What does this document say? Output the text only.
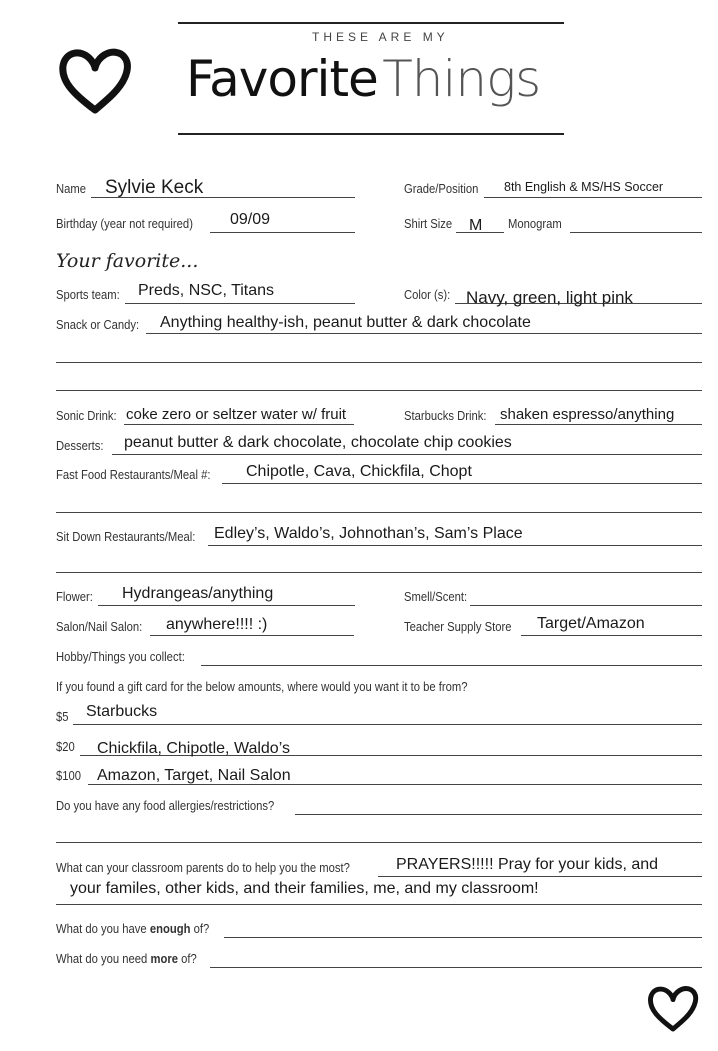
THESE ARE MY
Favorite Things
Name Sylvie Keck	Grade/Position 8th English & MS/HS Soccer
Birthday (year not required) 09/09	Shirt Size M Monogram
Your favorite...
Sports team: Preds, NSC, Titans	Color (s): Navy, green, light pink
Snack or Candy: Anything healthy-ish, peanut butter & dark chocolate
Sonic Drink: coke zero or seltzer water w/ fruit	Starbucks Drink: shaken espresso/anything
Desserts: peanut butter & dark chocolate, chocolate chip cookies
Fast Food Restaurants/Meal #: Chipotle, Cava, Chickfila, Chopt
Sit Down Restaurants/Meal: Edley’s, Waldo’s, Johnothan’s, Sam’s Place
Flower: Hydrangeas/anything	Smell/Scent:
Salon/Nail Salon: anywhere!!!! :)	Teacher Supply Store Target/Amazon
Hobby/Things you collect:
If you found a gift card for the below amounts, where would you want it to be from?
$5 Starbucks
$20 Chickfila, Chipotle, Waldo’s
$100 Amazon, Target, Nail Salon
Do you have any food allergies/restrictions?
What can your classroom parents do to help you the most?	PRAYERS!!!!! Pray for your kids, and
your familes, other kids, and their families, me, and my classroom!
What do you have enough of?
What do you need more of?
